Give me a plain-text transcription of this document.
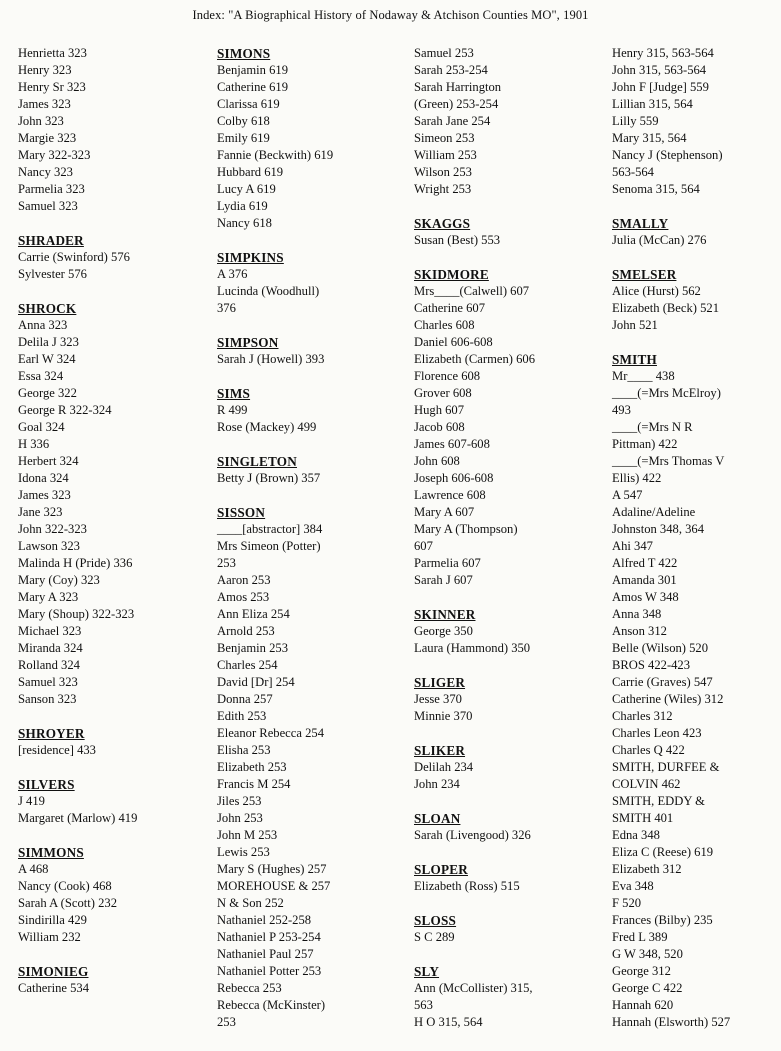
Index: "A Biographical History of Nodaway & Atchison Counties MO", 1901
Henrietta 323
Henry 323
Henry Sr 323
James 323
John 323
Margie 323
Mary 322-323
Nancy 323
Parmelia 323
Samuel 323
SHRADER
Carrie (Swinford) 576
Sylvester 576
SHROCK
Anna 323
Delila J 323
Earl W 324
Essa 324
George 322
George R 322-324
Goal 324
H 336
Herbert 324
Idona 324
James 323
Jane 323
John 322-323
Lawson 323
Malinda H (Pride) 336
Mary (Coy) 323
Mary A 323
Mary (Shoup) 322-323
Michael 323
Miranda 324
Rolland 324
Samuel 323
Sanson 323
SHROYER
[residence] 433
SILVERS
J 419
Margaret (Marlow) 419
SIMMONS
A 468
Nancy (Cook) 468
Sarah A (Scott) 232
Sindirilla 429
William 232
SIMONIEG
Catherine 534
SIMONS
Benjamin 619
Catherine 619
Clarissa 619
Colby 618
Emily 619
Fannie (Beckwith) 619
Hubbard 619
Lucy A 619
Lydia 619
Nancy 618
SIMPKINS
A 376
Lucinda (Woodhull)
376
SIMPSON
Sarah J (Howell) 393
SIMS
R 499
Rose (Mackey) 499
SINGLETON
Betty J (Brown) 357
SISSON
____[abstractor] 384
Mrs Simeon (Potter)
253
Aaron 253
Amos 253
Ann Eliza 254
Arnold 253
Benjamin 253
Charles 254
David [Dr] 254
Donna 257
Edith 253
Eleanor Rebecca 254
Elisha 253
Elizabeth 253
Francis M 254
Jiles 253
John 253
John M 253
Lewis 253
Mary S (Hughes) 257
MOREHOUSE & 257
N & Son 252
Nathaniel 252-258
Nathaniel P 253-254
Nathaniel Paul 257
Nathaniel Potter 253
Rebecca 253
Rebecca (McKinster)
253
Samuel 253
Sarah 253-254
Sarah Harrington
(Green) 253-254
Sarah Jane 254
Simeon 253
William 253
Wilson 253
Wright 253
SKAGGS
Susan (Best) 553
SKIDMORE
Mrs____(Calwell) 607
Catherine 607
Charles 608
Daniel 606-608
Elizabeth (Carmen) 606
Florence 608
Grover 608
Hugh 607
Jacob 608
James 607-608
John 608
Joseph 606-608
Lawrence 608
Mary A 607
Mary A (Thompson)
607
Parmelia 607
Sarah J 607
SKINNER
George 350
Laura (Hammond) 350
SLIGER
Jesse 370
Minnie 370
SLIKER
Delilah 234
John 234
SLOAN
Sarah (Livengood) 326
SLOPER
Elizabeth (Ross) 515
SLOSS
S C 289
SLY
Ann (McCollister) 315,
563
H O 315, 564
Henry 315, 563-564
John 315, 563-564
John F [Judge] 559
Lillian 315, 564
Lilly 559
Mary 315, 564
Nancy J (Stephenson)
563-564
Senoma 315, 564
SMALLY
Julia (McCan) 276
SMELSER
Alice (Hurst) 562
Elizabeth (Beck) 521
John 521
SMITH
Mr____ 438
____(=Mrs McElroy)
493
____(=Mrs N R
Pittman) 422
____(=Mrs Thomas V
Ellis) 422
A 547
Adaline/Adeline
Johnston 348, 364
Ahi 347
Alfred T 422
Amanda 301
Amos W 348
Anna 348
Anson 312
Belle (Wilson) 520
BROS 422-423
Carrie (Graves) 547
Catherine (Wiles) 312
Charles 312
Charles Leon 423
Charles Q 422
SMITH, DURFEE &
COLVIN 462
SMITH, EDDY &
SMITH 401
Edna 348
Eliza C (Reese) 619
Elizabeth 312
Eva 348
F 520
Frances (Bilby) 235
Fred L 389
G W 348, 520
George 312
George C 422
Hannah 620
Hannah (Elsworth) 527
